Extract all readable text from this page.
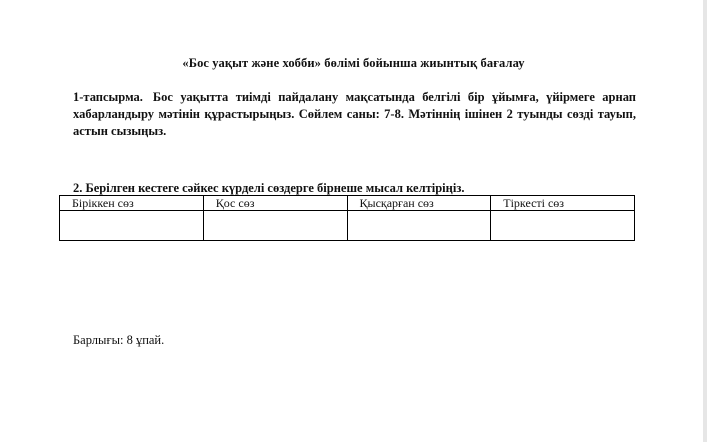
«Бос уақыт және хобби» бөлімі бойынша жиынтық бағалау
1-тапсырма. Бос уақытта тиімді пайдалану мақсатында белгілі бір ұйымға, үйірмеге арнап хабарландыру мәтінін құрастырыңыз. Сөйлем саны: 7-8. Мәтіннің ішінен 2 туынды сөзді тауып, астын сызыңыз.
2. Берілген кестеге сәйкес күрделі сөздерге бірнеше мысал келтіріңіз.
Біріккен сөз	Қос сөз	Қысқарған сөз	Тіркесті сөз

Барлығы: 8 ұпай.
